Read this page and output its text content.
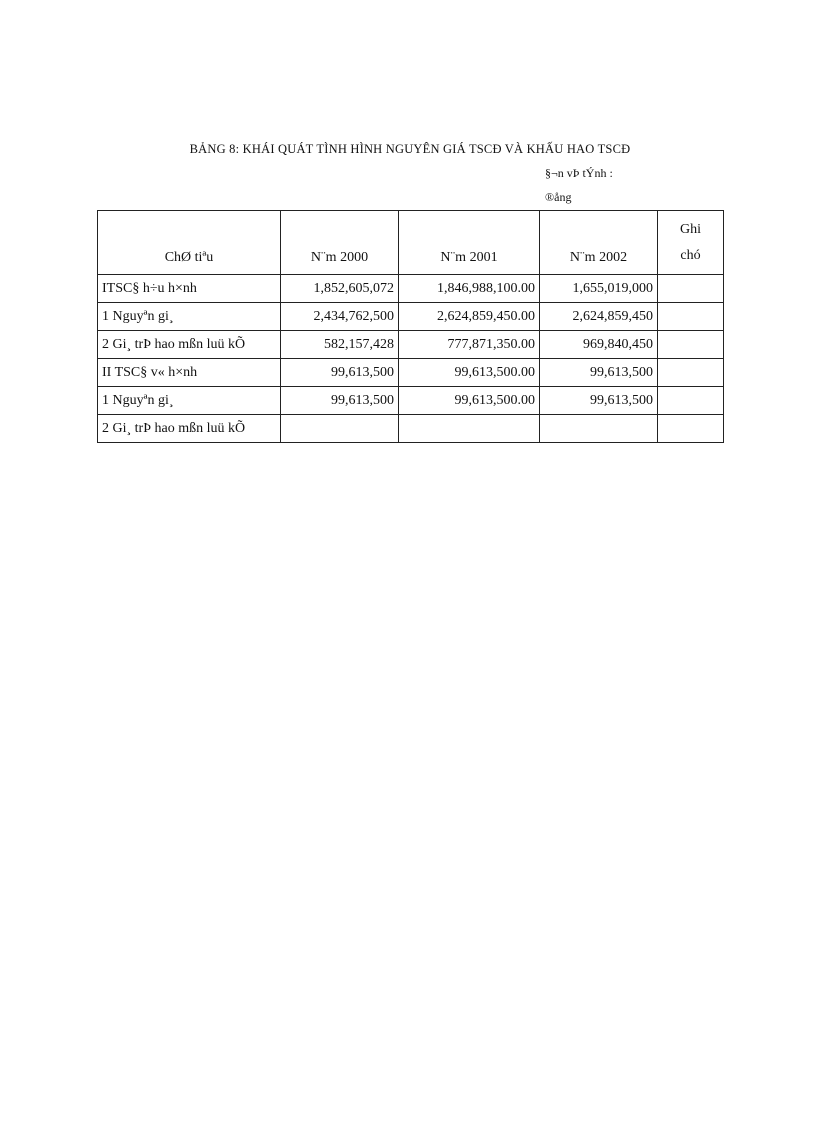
BẢNG 8: KHÁI QUÁT TÌNH HÌNH NGUYÊN GIÁ TSCĐ VÀ KHẤU HAO TSCĐ
§¬n vÞ tÝnh :
®ång
ChØ tiªu	N¨m 2000	N¨m 2001	N¨m 2002	Ghi
chó
ITSC§ h÷u h×nh	1,852,605,072	1,846,988,100.00	1,655,019,000	
1 Nguyªn gi¸	2,434,762,500	2,624,859,450.00	2,624,859,450	
2 Gi¸ trÞ hao mßn luü kÕ	582,157,428	777,871,350.00	969,840,450	
II TSC§ v« h×nh	99,613,500	99,613,500.00	99,613,500	
1 Nguyªn gi¸	99,613,500	99,613,500.00	99,613,500	
2 Gi¸ trÞ hao mßn luü kÕ				
